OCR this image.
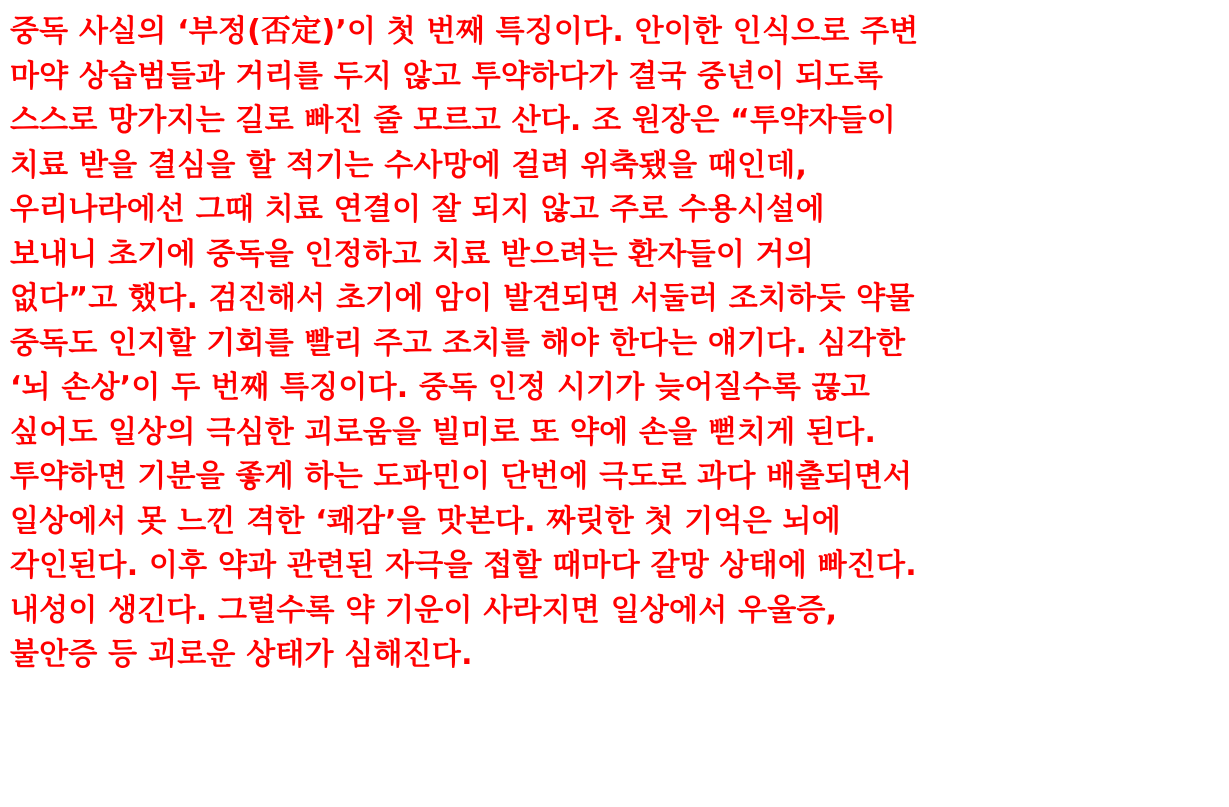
중독 사실의 ‘부정(否定)’이 첫 번째 특징이다. 안이한 인식으로 주변
마약 상습범들과 거리를 두지 않고 투약하다가 결국 중년이 되도록
스스로 망가지는 길로 빠진 줄 모르고 산다. 조 원장은 “투약자들이
치료 받을 결심을 할 적기는 수사망에 걸려 위축됐을 때인데,
우리나라에선 그때 치료 연결이 잘 되지 않고 주로 수용시설에
보내니 초기에 중독을 인정하고 치료 받으려는 환자들이 거의
없다”고 했다. 검진해서 초기에 암이 발견되면 서둘러 조치하듯 약물
중독도 인지할 기회를 빨리 주고 조치를 해야 한다는 얘기다. 심각한
‘뇌 손상’이 두 번째 특징이다. 중독 인정 시기가 늦어질수록 끊고
싶어도 일상의 극심한 괴로움을 빌미로 또 약에 손을 뻗치게 된다.
투약하면 기분을 좋게 하는 도파민이 단번에 극도로 과다 배출되면서
일상에서 못 느낀 격한 ‘쾌감’을 맛본다. 짜릿한 첫 기억은 뇌에
각인된다. 이후 약과 관련된 자극을 접할 때마다 갈망 상태에 빠진다.
내성이 생긴다. 그럴수록 약 기운이 사라지면 일상에서 우울증,
불안증 등 괴로운 상태가 심해진다.
